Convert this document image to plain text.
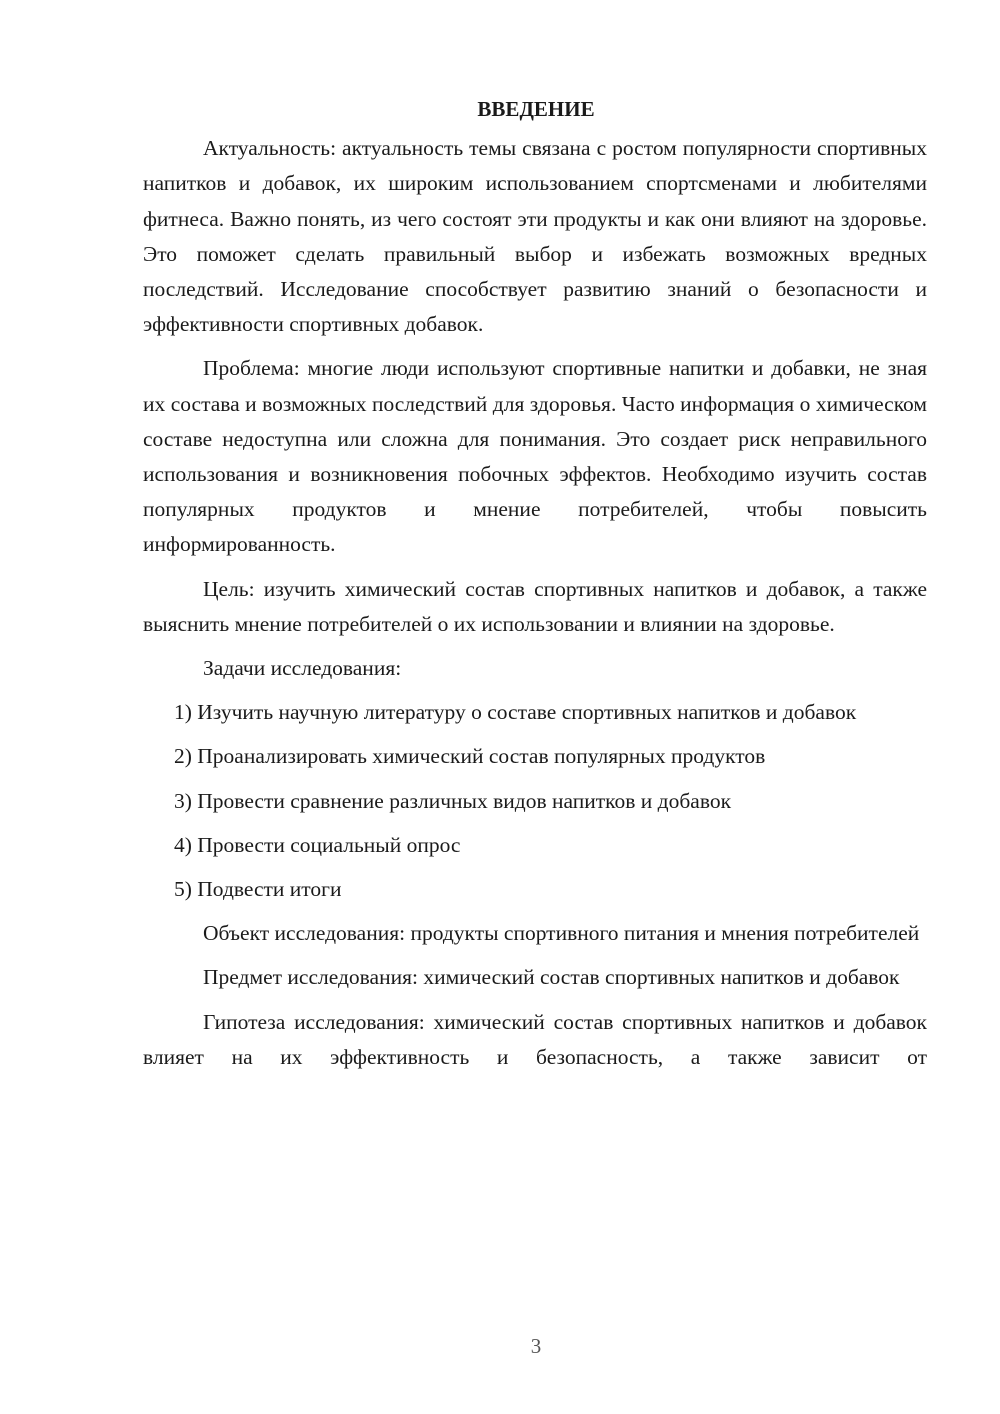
ВВЕДЕНИЕ

Актуальность: актуальность темы связана с ростом популярности спортивных напитков и добавок, их широким использованием спортсменами и любителями фитнеса. Важно понять, из чего состоят эти продукты и как они влияют на здоровье. Это поможет сделать правильный выбор и избежать возможных вредных последствий. Исследование способствует развитию знаний о безопасности и эффективности спортивных добавок.

Проблема: многие люди используют спортивные напитки и добавки, не зная их состава и возможных последствий для здоровья. Часто информация о химическом составе недоступна или сложна для понимания. Это создает риск неправильного использования и возникновения побочных эффектов. Необходимо изучить состав популярных продуктов и мнение потребителей, чтобы повысить информированность.

Цель: изучить химический состав спортивных напитков и добавок, а также выяснить мнение потребителей о их использовании и влиянии на здоровье.

Задачи исследования:

1) Изучить научную литературу о составе спортивных напитков и добавок

2) Проанализировать химический состав популярных продуктов

3) Провести сравнение различных видов напитков и добавок

4) Провести социальный опрос

5) Подвести итоги

Объект исследования: продукты спортивного питания и мнения потребителей

Предмет исследования: химический состав спортивных напитков и добавок

Гипотеза исследования: химический состав спортивных напитков и добавок влияет на их эффективность и безопасность, а также зависит от

3
